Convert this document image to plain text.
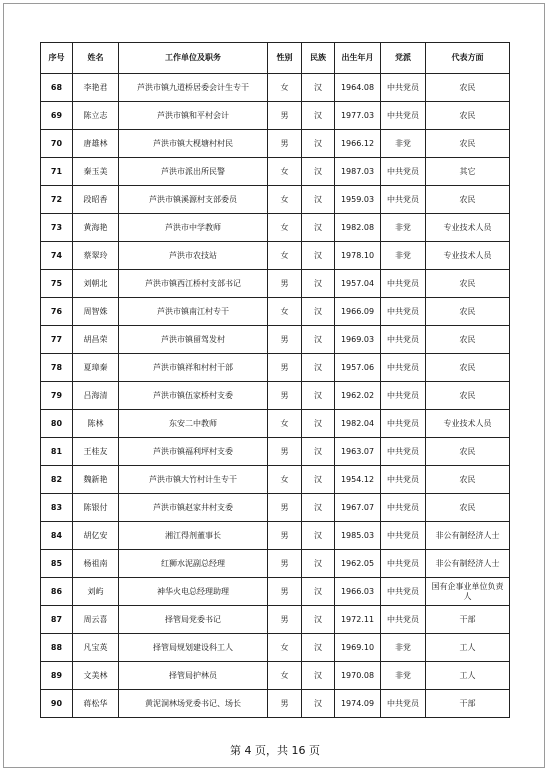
序号	姓名	工作单位及职务	性别	民族	出生年月	党派	代表方面
68	李艳君	芦洪市镇九道桥居委会计生专干	女	汉	1964.08	中共党员	农民
69	陈立志	芦洪市镇和平村会计	男	汉	1977.03	中共党员	农民
70	唐雄林	芦洪市镇大枧塘村村民	男	汉	1966.12	非党	农民
71	秦玉美	芦洪市派出所民警	女	汉	1987.03	中共党员	其它
72	段昭香	芦洪市镇溪源村支部委员	女	汉	1959.03	中共党员	农民
73	黄海艳	芦洪市中学教师	女	汉	1982.08	非党	专业技术人员
74	蔡翠玲	芦洪市农技站	女	汉	1978.10	非党	专业技术人员
75	刘朝北	芦洪市镇西江桥村支部书记	男	汉	1957.04	中共党员	农民
76	周智姝	芦洪市镇南江村专干	女	汉	1966.09	中共党员	农民
77	胡昌荣	芦洪市镇留驾发村	男	汉	1969.03	中共党员	农民
78	夏璋秦	芦洪市镇祥和村村干部	男	汉	1957.06	中共党员	农民
79	吕海清	芦洪市镇伍家桥村支委	男	汉	1962.02	中共党员	农民
80	陈林	东安二中教师	女	汉	1982.04	中共党员	专业技术人员
81	王桂友	芦洪市镇福利坪村支委	男	汉	1963.07	中共党员	农民
82	魏新艳	芦洪市镇大竹村计生专干	女	汉	1954.12	中共党员	农民
83	陈银付	芦洪市镇赵家井村支委	男	汉	1967.07	中共党员	农民
84	胡亿安	湘江得剂董事长	男	汉	1985.03	中共党员	非公有制经济人士
85	杨祖南	红狮水泥副总经理	男	汉	1962.05	中共党员	非公有制经济人士
86	刘屿	神华火电总经理助理	男	汉	1966.03	中共党员	国有企事业单位负责人
87	周云喜	择管局党委书记	男	汉	1972.11	中共党员	干部
88	凡宝英	择管局规划建设科工人	女	汉	1969.10	非党	工人
89	文美林	择管局护林员	女	汉	1970.08	非党	工人
90	蒋松华	黄泥洞林场党委书记、场长	男	汉	1974.09	中共党员	干部
第 4 页，共 16 页
